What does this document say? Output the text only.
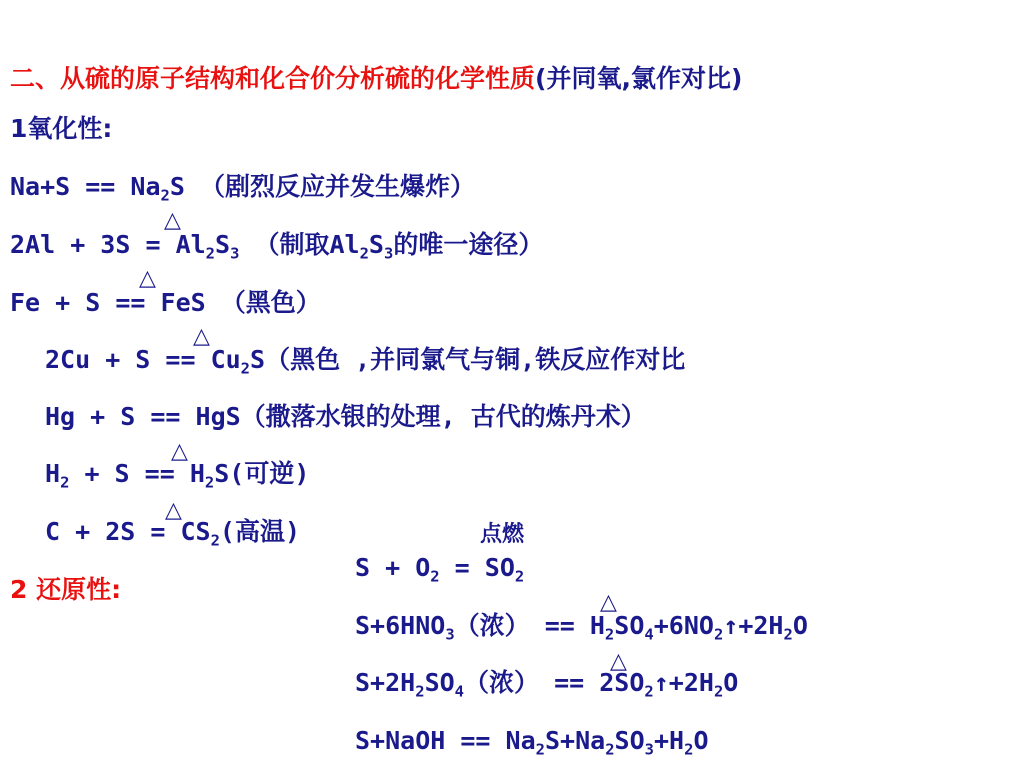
二、从硫的原子结构和化合价分析硫的化学性质(并同氧,氯作对比)
1氧化性:
$Na+S == Na_2S$ （剧烈反应并发生爆炸）
△
$2Al + 3S = Al_2S_3$ （制取$Al_2S_3$的唯一途径）
△
Fe + S == FeS （黑色）
△
$2Cu + S == Cu_2S$（黑色 ,并同氯气与铜,铁反应作对比
Hg + S == HgS（撒落水银的处理, 古代的炼丹术）
△
$H_2 + S == H_2S$(可逆)
△
$C + 2S = CS_2$(高温)
2 还原性:
点燃
$S + O_2 = SO_2$
△
$S+6HNO_3$（浓） == $H_2SO_4+6NO_2↑+2H_2O$
△
$S+2H_2SO_4$（浓） == $2SO_2↑+2H_2O$
S+NaOH == $Na_2S+Na_2SO_3+H_2O$
